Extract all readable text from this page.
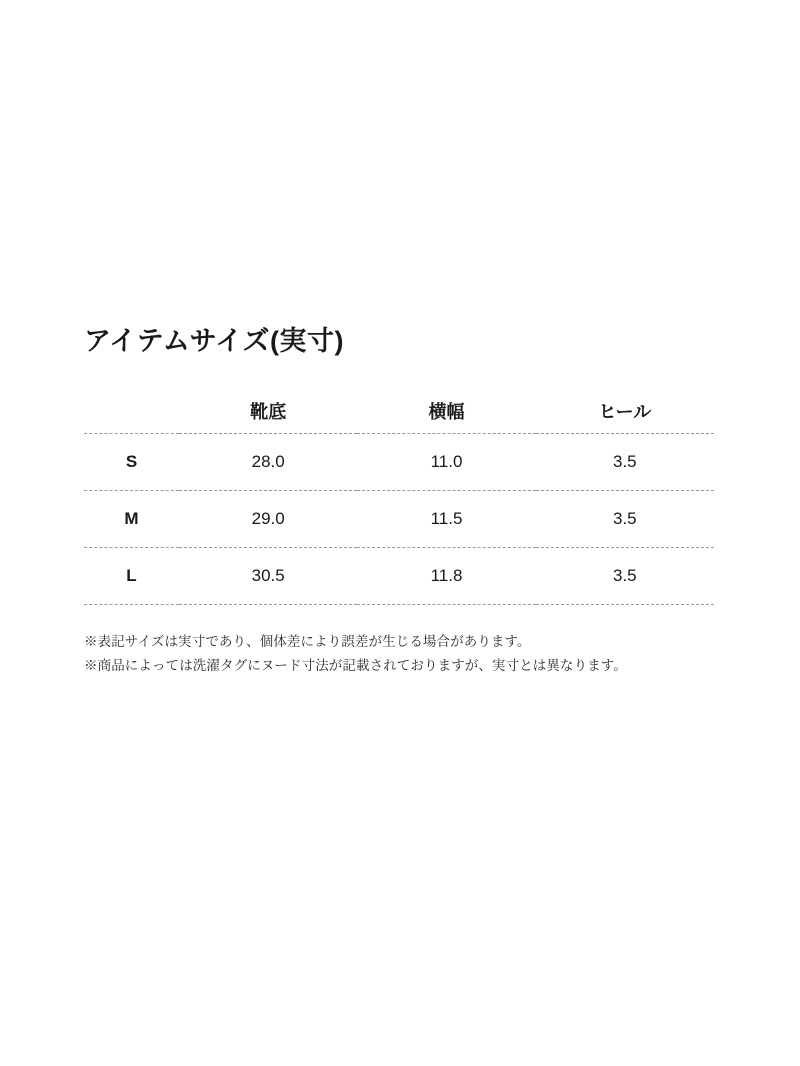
アイテムサイズ(実寸)
	靴底	横幅	ヒール
S	28.0	11.0	3.5
M	29.0	11.5	3.5
L	30.5	11.8	3.5

※表記サイズは実寸であり、個体差により誤差が生じる場合があります。

※商品によっては洗濯タグにヌード寸法が記載されておりますが、実寸とは異なります。
